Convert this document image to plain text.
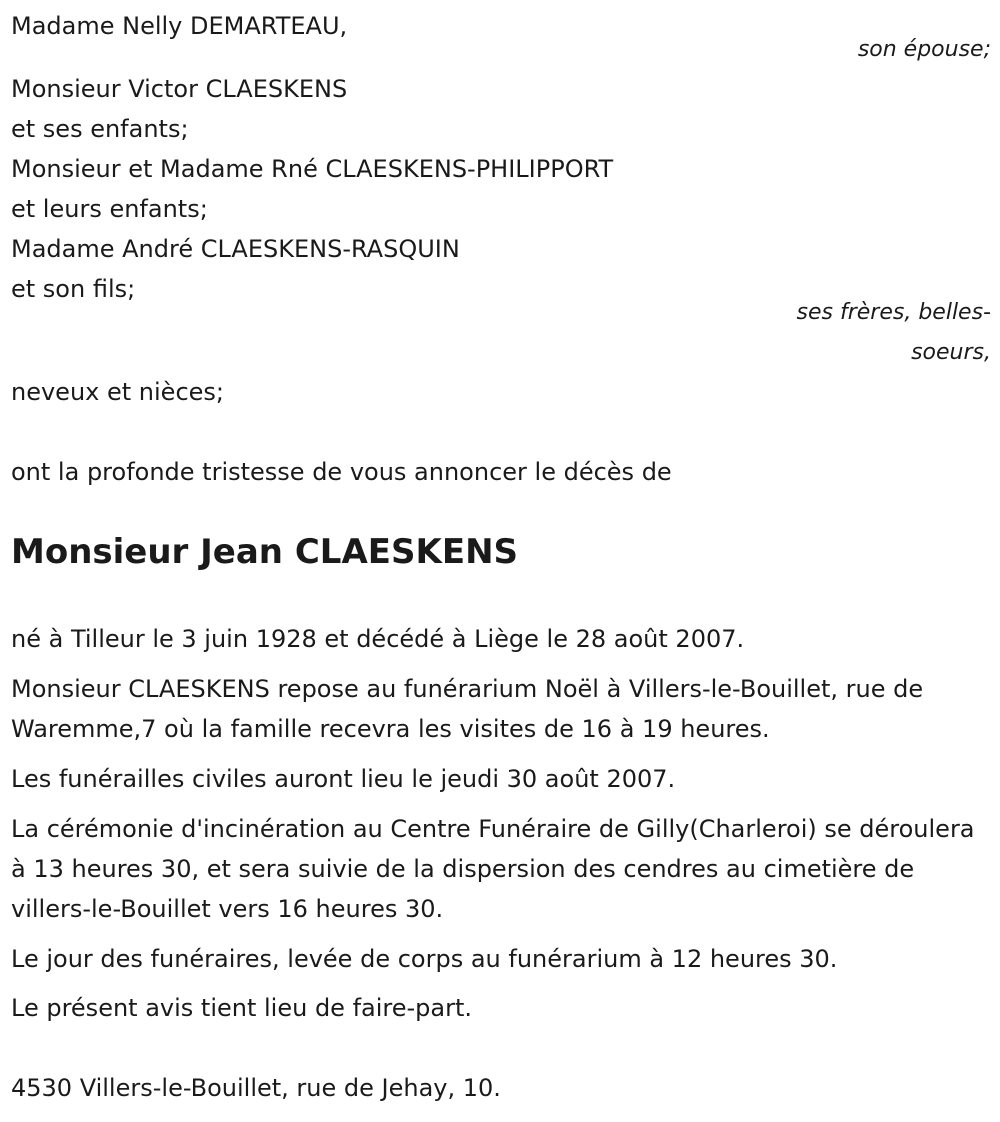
Madame Nelly DEMARTEAU,
son épouse;
Monsieur Victor CLAESKENS
et ses enfants;
Monsieur et Madame Rné CLAESKENS-PHILIPPORT
et leurs enfants;
Madame André CLAESKENS-RASQUIN
et son fils;
ses frères, belles-
soeurs,
neveux et nièces;
ont la profonde tristesse de vous annoncer le décès de
Monsieur Jean CLAESKENS
né à Tilleur le 3 juin 1928 et décédé à Liège le 28 août 2007.
Monsieur CLAESKENS repose au funérarium Noël à Villers-le-Bouillet, rue de Waremme,7 où la famille recevra les visites de 16 à 19 heures.
Les funérailles civiles auront lieu le jeudi 30 août 2007.
La cérémonie d'incinération au Centre Funéraire de Gilly(Charleroi) se déroulera à 13 heures 30, et sera suivie de la dispersion des cendres au cimetière de villers-le-Bouillet vers 16 heures 30.
Le jour des funéraires, levée de corps au funérarium à 12 heures 30.
Le présent avis tient lieu de faire-part.
4530 Villers-le-Bouillet, rue de Jehay, 10.
